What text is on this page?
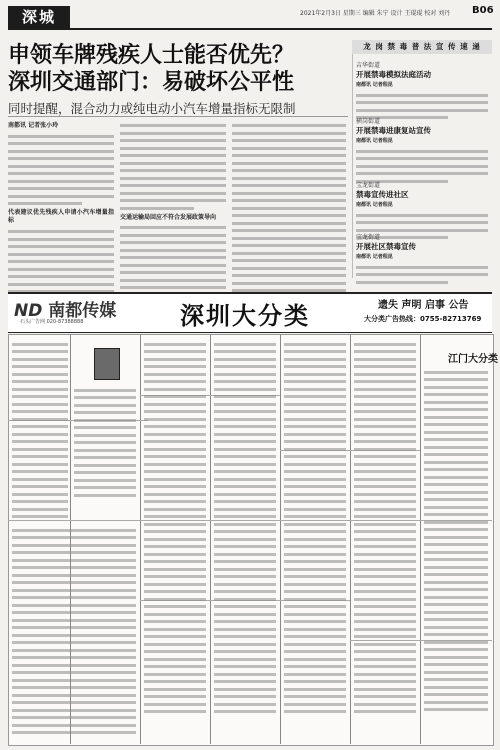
深城	2021年2月3日 星期三 编辑 朱宁 设计 王琨琨 校对 刘丹	B06
申领车牌残疾人士能否优先？
深圳交通部门：易破坏公平性
同时提醒，混合动力或纯电动小汽车增量指标无限制
南都讯 记者张小玲
代表建议优先残疾人申请小汽车增量指标
交通运输局回应不符合发展政策导向
龙 岗 禁 毒 普 法 宣 传 速 递
吉华街道
开展禁毒模拟法庭活动
南都讯 记者程昆
横岗街道
开展禁毒进康复站宣传
南都讯 记者程昆
宝龙街道
禁毒宣传进社区
南都讯 记者程昆
宝龙街道
开展社区禁毒宣传
南都讯 记者程昆
ND 南都传媒
石头广告网 020-87388888	深圳大分类	遗失 声明 启事 公告
大分类广告热线：0755-82713769
江门大分类
